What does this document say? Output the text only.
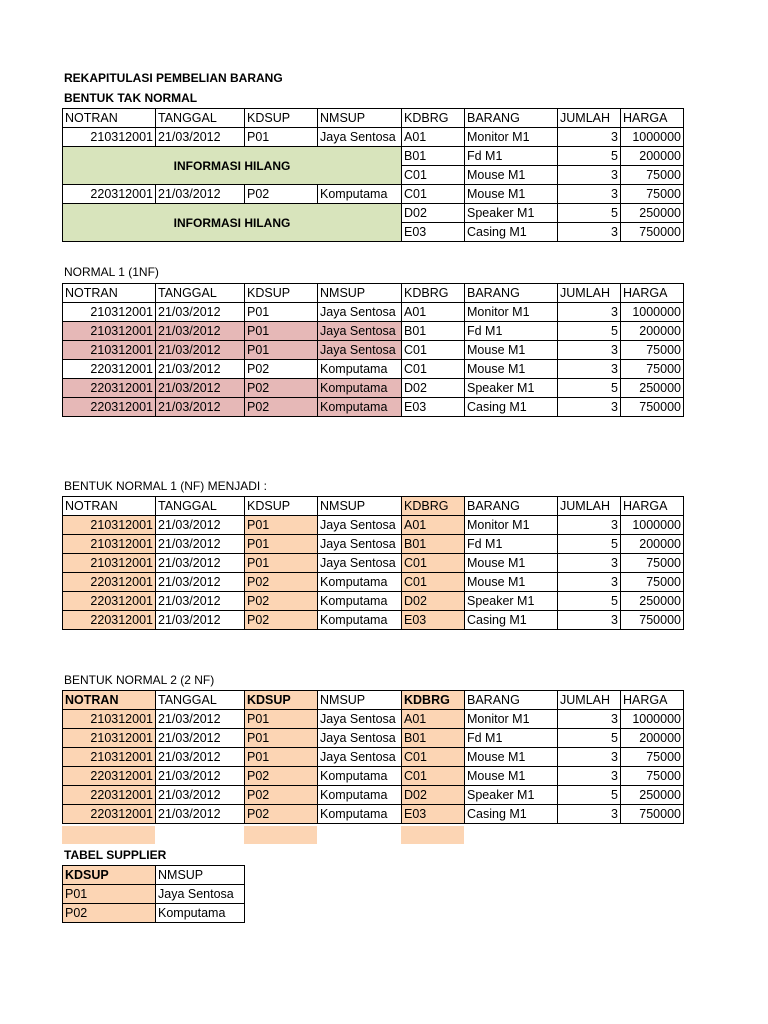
REKAPITULASI PEMBELIAN BARANG
BENTUK TAK NORMAL
NOTRAN	TANGGAL	KDSUP	NMSUP	KDBRG	BARANG	JUMLAH	HARGA
210312001	21/03/2012	P01	Jaya Sentosa	A01	Monitor M1	3	1000000
INFORMASI HILANG				B01	Fd M1	5	200000
				C01	Mouse M1	3	75000
220312001	21/03/2012	P02	Komputama	C01	Mouse M1	3	75000
INFORMASI HILANG				D02	Speaker M1	5	250000
				E03	Casing M1	3	750000
NORMAL 1 (1NF)
NOTRAN	TANGGAL	KDSUP	NMSUP	KDBRG	BARANG	JUMLAH	HARGA
210312001	21/03/2012	P01	Jaya Sentosa	A01	Monitor M1	3	1000000
210312001	21/03/2012	P01	Jaya Sentosa	B01	Fd M1	5	200000
210312001	21/03/2012	P01	Jaya Sentosa	C01	Mouse M1	3	75000
220312001	21/03/2012	P02	Komputama	C01	Mouse M1	3	75000
220312001	21/03/2012	P02	Komputama	D02	Speaker M1	5	250000
220312001	21/03/2012	P02	Komputama	E03	Casing M1	3	750000
BENTUK NORMAL 1 (NF) MENJADI :
NOTRAN	TANGGAL	KDSUP	NMSUP	KDBRG	BARANG	JUMLAH	HARGA
210312001	21/03/2012	P01	Jaya Sentosa	A01	Monitor M1	3	1000000
210312001	21/03/2012	P01	Jaya Sentosa	B01	Fd M1	5	200000
210312001	21/03/2012	P01	Jaya Sentosa	C01	Mouse M1	3	75000
220312001	21/03/2012	P02	Komputama	C01	Mouse M1	3	75000
220312001	21/03/2012	P02	Komputama	D02	Speaker M1	5	250000
220312001	21/03/2012	P02	Komputama	E03	Casing M1	3	750000
BENTUK NORMAL 2 (2 NF)
NOTRAN	TANGGAL	KDSUP	NMSUP	KDBRG	BARANG	JUMLAH	HARGA
210312001	21/03/2012	P01	Jaya Sentosa	A01	Monitor M1	3	1000000
210312001	21/03/2012	P01	Jaya Sentosa	B01	Fd M1	5	200000
210312001	21/03/2012	P01	Jaya Sentosa	C01	Mouse M1	3	75000
220312001	21/03/2012	P02	Komputama	C01	Mouse M1	3	75000
220312001	21/03/2012	P02	Komputama	D02	Speaker M1	5	250000
220312001	21/03/2012	P02	Komputama	E03	Casing M1	3	750000
TABEL SUPPLIER
KDSUP	NMSUP
P01	Jaya Sentosa
P02	Komputama
